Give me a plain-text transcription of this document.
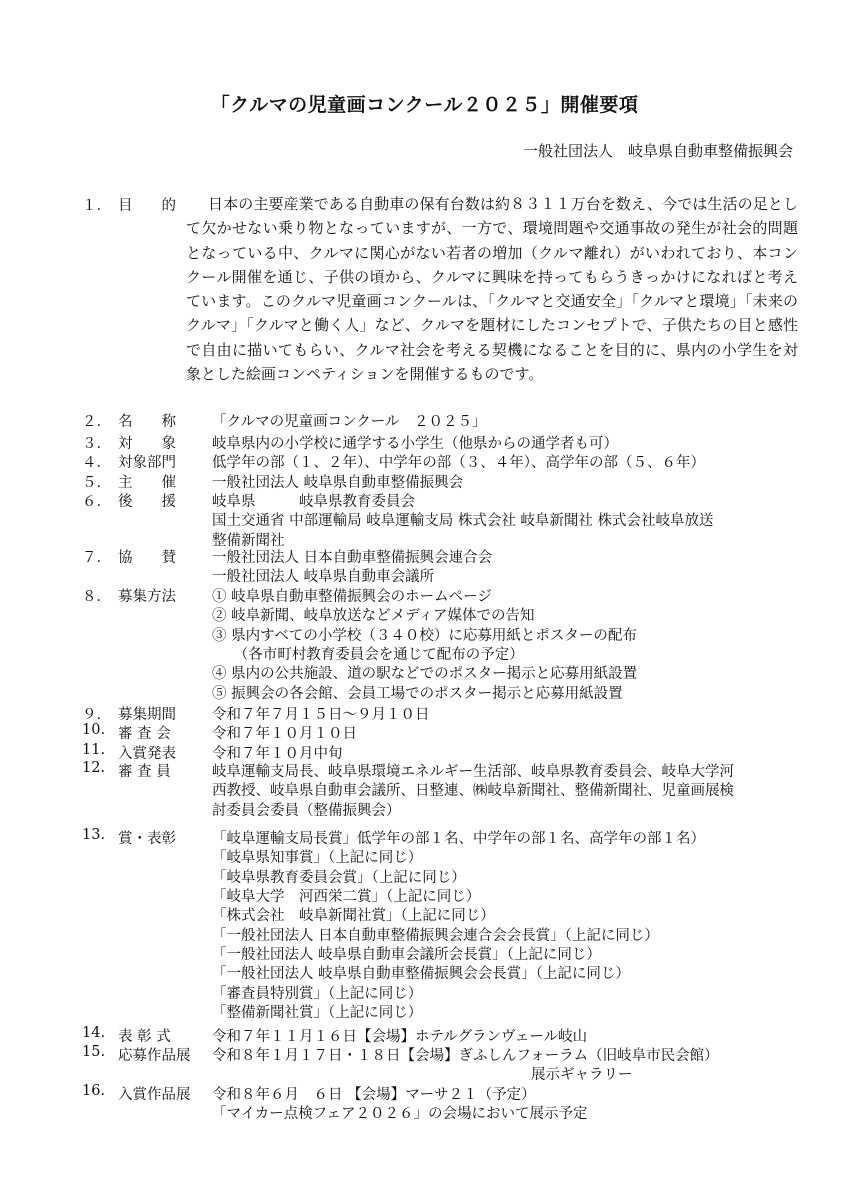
「クルマの児童画コンクール２０２５」開催要項
一般社団法人　岐阜県自動車整備振興会
１． 目　　的	日本の主要産業である自動車の保有台数は約８３１１万台を数え、今では生活の足として欠かせない乗り物となっていますが、一方で、環境問題や交通事故の発生が社会的問題となっている中、クルマに関心がない若者の増加（クルマ離れ）がいわれており、本コンクール開催を通じ、子供の頃から、クルマに興味を持ってもらうきっかけになればと考えています。このクルマ児童画コンクールは、「クルマと交通安全」「クルマと環境」「未来のクルマ」「クルマと働く人」など、クルマを題材にしたコンセプトで、子供たちの目と感性で自由に描いてもらい、クルマ社会を考える契機になることを目的に、県内の小学生を対象とした絵画コンペティションを開催するものです。
２． 名　　称 「クルマの児童画コンクール　２０２５」
３． 対　　象 岐阜県内の小学校に通学する小学生（他県からの通学者も可）
４． 対象部門 低学年の部（１、２年）、中学年の部（３、４年）、高学年の部（５、６年）
５． 主　　催 一般社団法人 岐阜県自動車整備振興会
６． 後　　援 岐阜県　　　岐阜県教育委員会
国土交通省 中部運輸局 岐阜運輸支局 株式会社 岐阜新聞社 株式会社岐阜放送
整備新聞社
７． 協　　賛 一般社団法人 日本自動車整備振興会連合会
一般社団法人 岐阜県自動車会議所
８． 募集方法 ① 岐阜県自動車整備振興会のホームページ
② 岐阜新聞、岐阜放送などメディア媒体での告知
③ 県内すべての小学校（３４０校）に応募用紙とポスターの配布
　　（各市町村教育委員会を通じて配布の予定）
④ 県内の公共施設、道の駅などでのポスター掲示と応募用紙設置
⑤ 振興会の各会館、会員工場でのポスター掲示と応募用紙設置
９． 募集期間 令和７年７月１５日～９月１０日
10. 審 査 会	令和７年１０月１０日
11. 入賞発表 令和７年１０月中旬
12. 審 査 員	岐阜運輸支局長、岐阜県環境エネルギー生活部、岐阜県教育委員会、岐阜大学河
西教授、岐阜県自動車会議所、日整連、㈱岐阜新聞社、整備新聞社、児童画展検
討委員会委員（整備振興会）
13. 賞・表彰 「岐阜運輸支局長賞」低学年の部１名、中学年の部１名、高学年の部１名）
「岐阜県知事賞」（上記に同じ）
「岐阜県教育委員会賞」（上記に同じ）
「岐阜大学　河西栄二賞」（上記に同じ）
「株式会社　岐阜新聞社賞」（上記に同じ）
「一般社団法人 日本自動車整備振興会連合会会長賞」（上記に同じ）
「一般社団法人 岐阜県自動車会議所会長賞」（上記に同じ）
「一般社団法人 岐阜県自動車整備振興会会長賞」（上記に同じ）
「審査員特別賞」（上記に同じ）
「整備新聞社賞」（上記に同じ）
14. 表 彰 式	令和７年１１月１６日【会場】ホテルグランヴェール岐山
15. 応募作品展 令和８年１月１７日・１８日【会場】ぎふしんフォーラム（旧岐阜市民会館）
　　　　　　　　　　　　　　　　　　　　　　展示ギャラリー
16. 入賞作品展 令和８年６月　６日 【会場】マーサ２１（予定）
「マイカー点検フェア２０２６」の会場において展示予定
